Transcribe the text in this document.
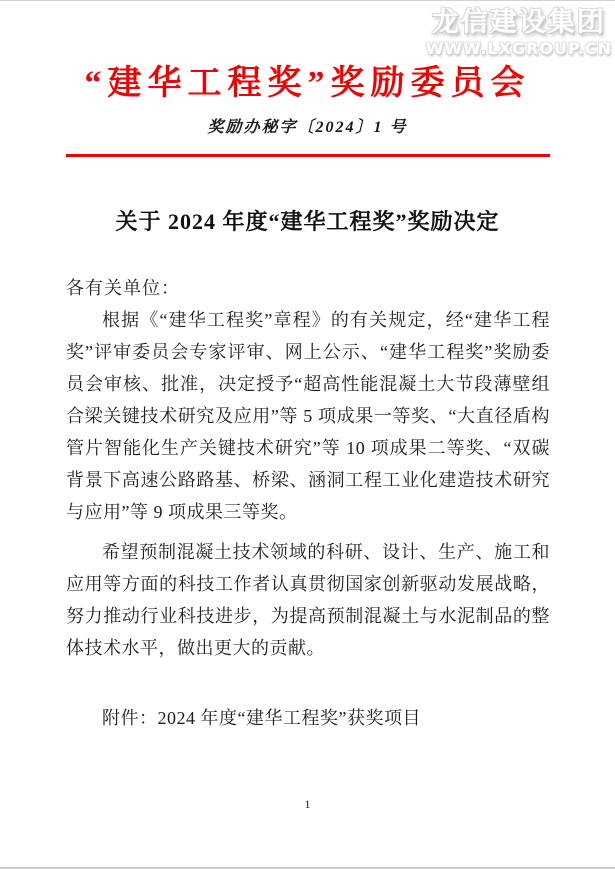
龙信建设集团
WWW.LXGROUP.CN
“建华工程奖”奖励委员会
奖励办秘字〔2024〕1 号
关于 2024 年度“建华工程奖”奖励决定
各有关单位：

根据《“建华工程奖”章程》的有关规定，经“建华工程奖”评审委员会专家评审、网上公示、“建华工程奖”奖励委员会审核、批准，决定授予“超高性能混凝土大节段薄壁组合梁关键技术研究及应用”等 5 项成果一等奖、“大直径盾构管片智能化生产关键技术研究”等 10 项成果二等奖、“双碳背景下高速公路路基、桥梁、涵洞工程工业化建造技术研究与应用”等 9 项成果三等奖。

希望预制混凝土技术领域的科研、设计、生产、施工和应用等方面的科技工作者认真贯彻国家创新驱动发展战略，努力推动行业科技进步，为提高预制混凝土与水泥制品的整体技术水平，做出更大的贡献。

附件：2024 年度“建华工程奖”获奖项目
1
